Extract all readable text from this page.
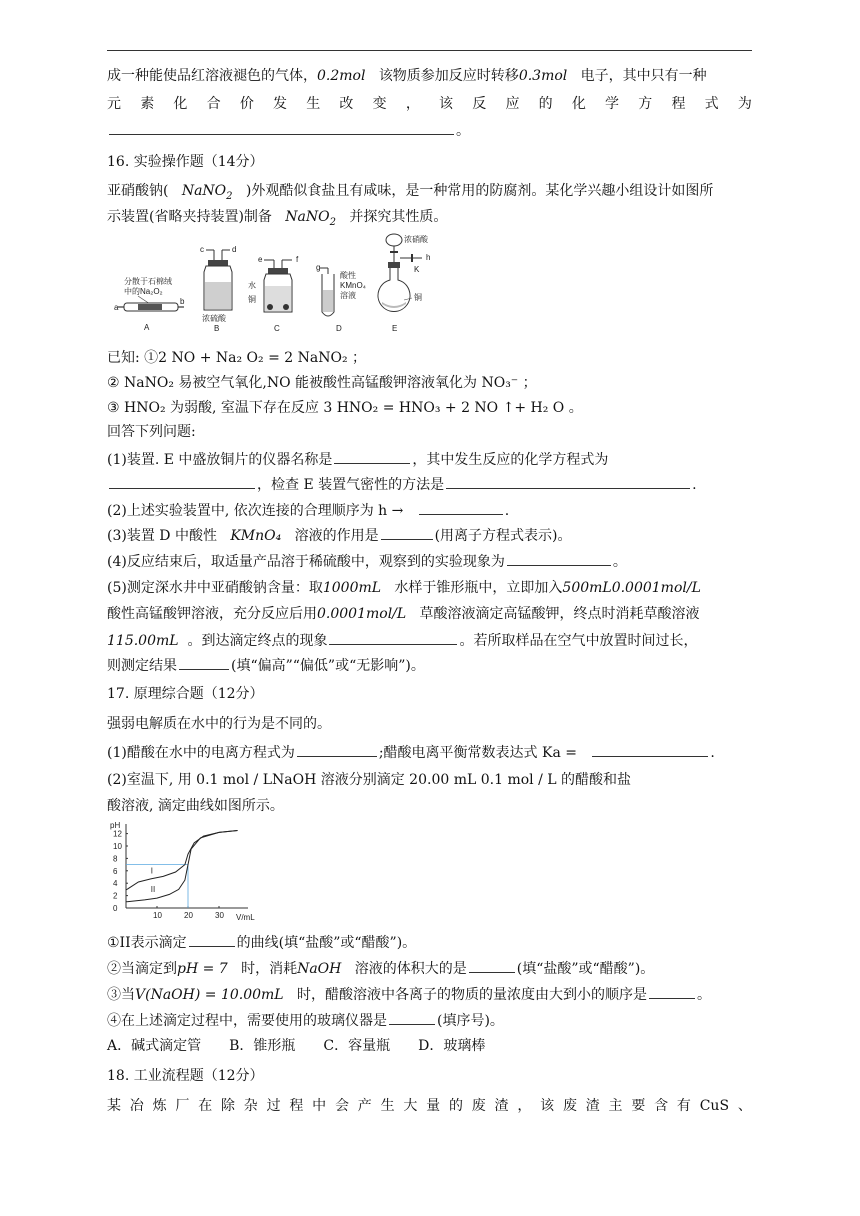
成一种能使品红溶液褪色的气体，0.2mol 该物质参加反应时转移0.3mol 电子，其中只有一种
元 素 化 合 价 发 生 改 变 ， 该 反 应 的 化 学 方 程 式 为
。
16. 实验操作题（14分）
亚硝酸钠( NaNO$_2$ )外观酷似食盐且有咸味，是一种常用的防腐剂。某化学兴趣小组设计如图所
示装置(省略夹持装置)制备 NaNO$_2$ 并探究其性质。
分散于石棉绒
中的Na₂O₂
a
b
A
c	d
浓硫酸
B
e	f
水
铜
C
g
酸性
KMnO₄
溶液
D
浓硝酸
h
K
铜
E
已知: ①2 NO + Na₂ O₂ = 2 NaNO₂ ；
② NaNO₂ 易被空气氧化,NO 能被酸性高锰酸钾溶液氧化为 NO₃⁻ ；
③ HNO₂ 为弱酸, 室温下存在反应 3 HNO₂ = HNO₃ + 2 NO ↑+ H₂ O 。
回答下列问题:
(1)装置. E 中盛放铜片的仪器名称是	，其中发生反应的化学方程式为
，检查 E 装置气密性的方法是	.
(2)上述实验装置中, 依次连接的合理顺序为 h →	.
(3)装置 D 中酸性 KMnO₄ 溶液的作用是	(用离子方程式表示)。
(4)反应结束后，取适量产品溶于稀硫酸中，观察到的实验现象为	。
(5)测定深水井中亚硝酸钠含量：取1000mL 水样于锥形瓶中，立即加入500mL0.0001mol/L
酸性高锰酸钾溶液，充分反应后用0.0001mol/L 草酸溶液滴定高锰酸钾，终点时消耗草酸溶液
115.00mL 。到达滴定终点的现象	。若所取样品在空气中放置时间过长，
则测定结果	(填“偏高”“偏低”或“无影响”)。
17. 原理综合题（12分）
强弱电解质在水中的行为是不同的。
(1)醋酸在水中的电离方程式为	;醋酸电离平衡常数表达式 Ka =	.
(2)室温下, 用 0.1 mol / LNaOH 溶液分别滴定 20.00 mL 0.1 mol / L 的醋酸和盐
酸溶液, 滴定曲线如图所示。
pH
V/mL
12
10
8
6
4
2
0
10	20	30
I
II
①II表示滴定	的曲线(填“盐酸”或“醋酸”)。
②当滴定到pH = 7 时，消耗NaOH 溶液的体积大的是	(填“盐酸”或“醋酸”)。
③当V(NaOH) = 10.00mL 时，醋酸溶液中各离子的物质的量浓度由大到小的顺序是	。
④在上述滴定过程中，需要使用的玻璃仪器是	(填序号)。
A．碱式滴定管 B．锥形瓶 C．容量瓶 D．玻璃棒
18. 工业流程题（12分）
某 冶 炼 厂 在 除 杂 过 程 中 会 产 生 大 量 的 废 渣 ， 该 废 渣 主 要 含 有 CuS 、
